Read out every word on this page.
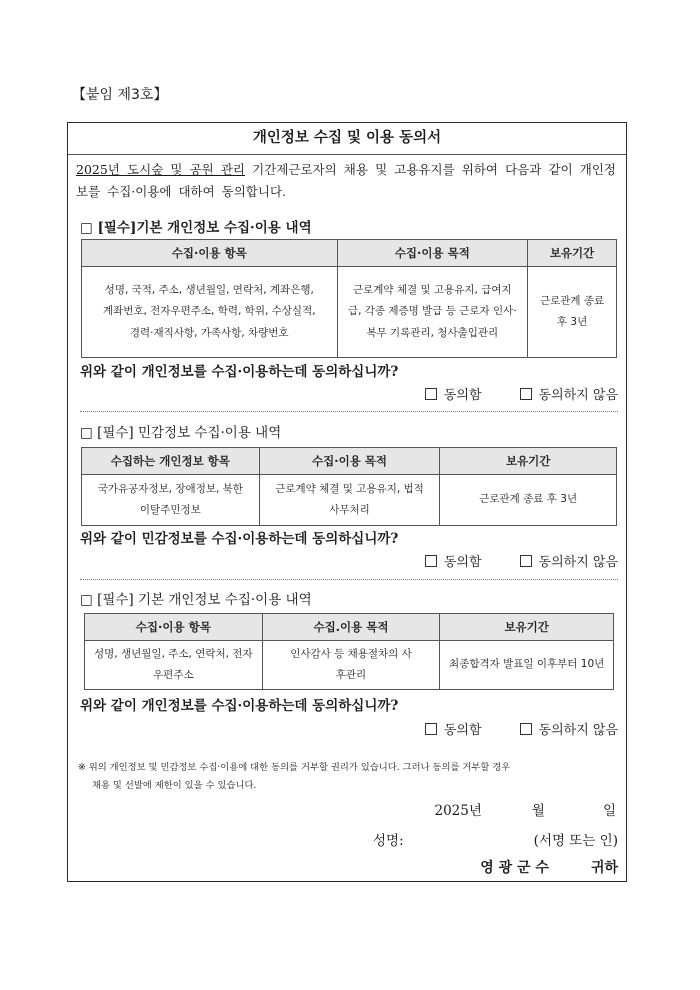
【붙임 제3호】
개인정보 수집 및 이용 동의서
2025년 도시숲 및 공원 관리 기간제근로자의 채용 및 고용유지를 위하여 다음과 같이 개인정보를 수집·이용에 대하여 동의합니다.
□ [필수]기본 개인정보 수집·이용 내역
수집·이용 항목	수집·이용 목적	보유기간
성명, 국적, 주소, 생년월일, 연락처, 계좌은행, 계좌번호, 전자우편주소, 학력, 학위, 수상실적, 경력·재직사항, 가족사항, 차량번호	근로계약 체결 및 고용유지, 급여지급, 각종 제증명 발급 등 근로자 인사·복무 기록관리, 청사출입관리	근로관계 종료 후 3년
위와 같이 개인정보를 수집·이용하는데 동의하십니까?
동의함	동의하지 않음
□ [필수] 민감정보 수집·이용 내역
수집하는 개인정보 항목	수집·이용 목적	보유기간
국가유공자정보, 장애정보, 북한이탈주민정보	근로계약 체결 및 고용유지, 법적사무처리	근로관계 종료 후 3년
위와 같이 민감정보를 수집·이용하는데 동의하십니까?
동의함	동의하지 않음
□ [필수] 기본 개인정보 수집·이용 내역
수집·이용 항목	수집.이용 목적	보유기간
성명, 생년월일, 주소, 연락처, 전자우편주소	인사감사 등 채용절차의 사후관리	최종합격자 발표일 이후부터 10년
위와 같이 개인정보를 수집·이용하는데 동의하십니까?
동의함	동의하지 않음
※ 위의 개인정보 및 민감정보 수집·이용에 대한 동의를 거부할 권리가 있습니다. 그러나 동의를 거부할 경우
채용 및 선발에 제한이 있을 수 있습니다.
2025년	월	일
성명:	(서명 또는 인)
영 광 군 수	귀하
